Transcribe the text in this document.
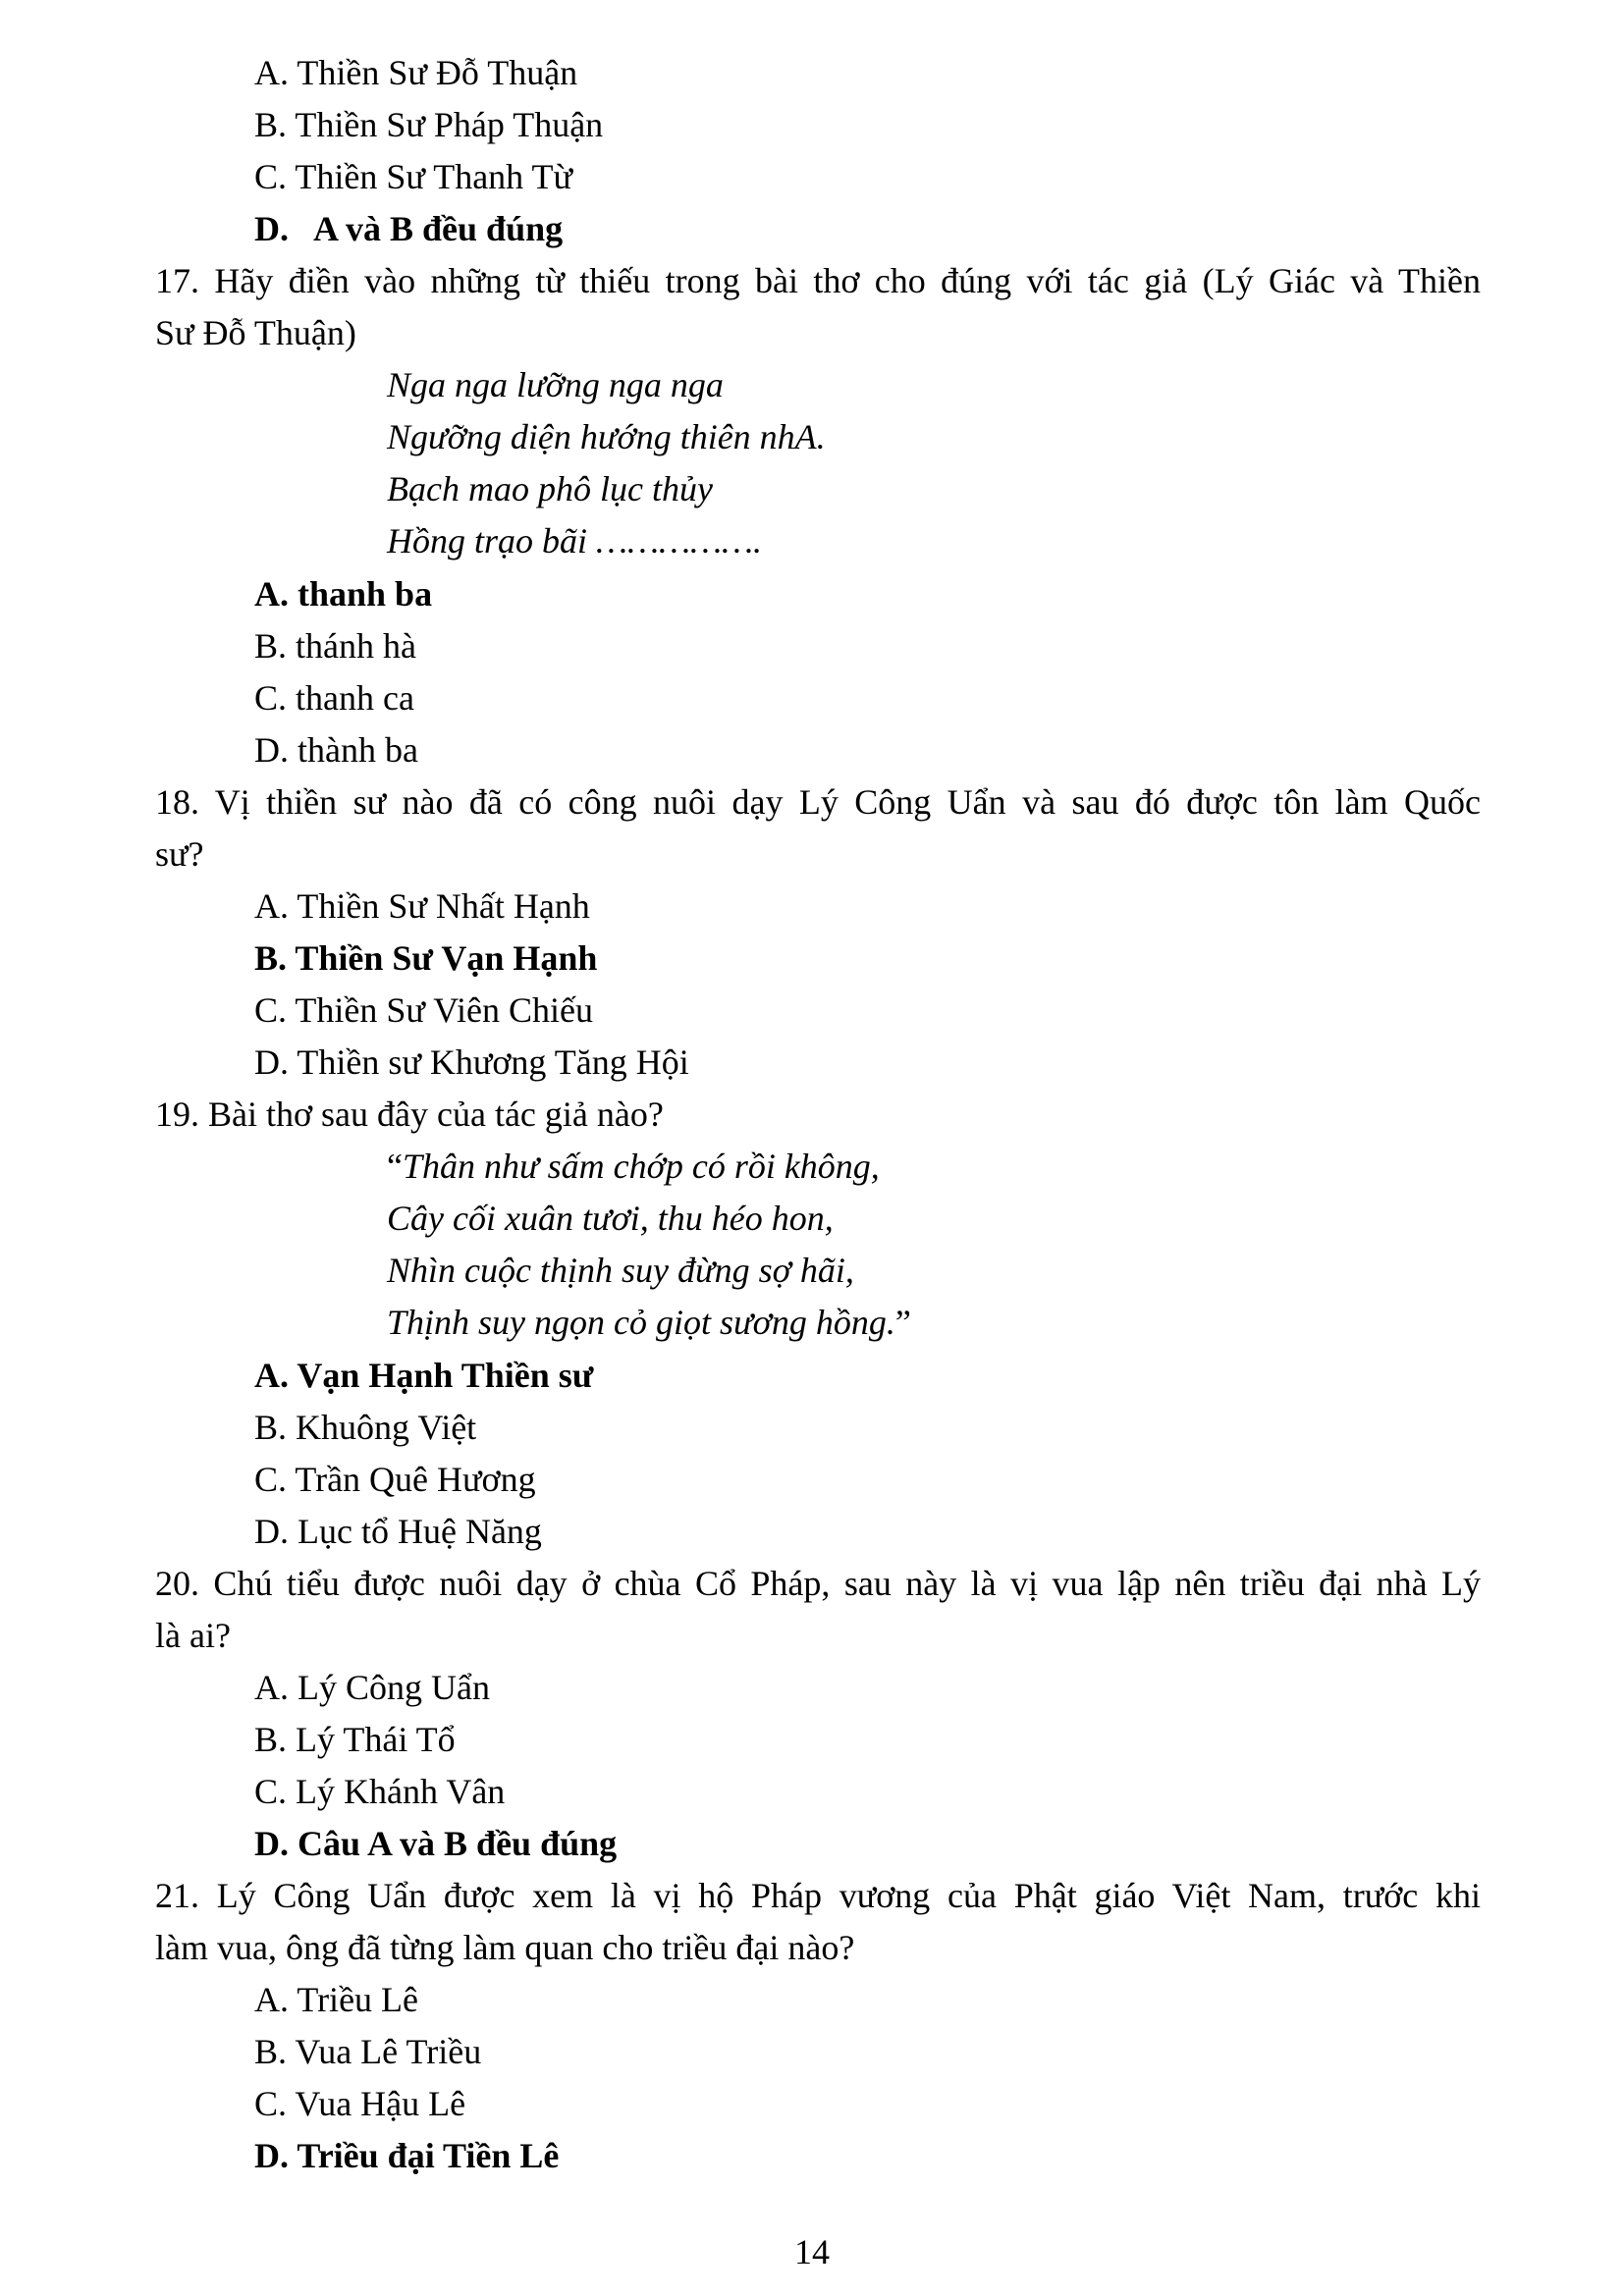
A. Thiền Sư Đỗ Thuận
B. Thiền Sư Pháp Thuận
C. Thiền Sư Thanh Từ
D.   A và B đều đúng
17. Hãy điền vào những từ thiếu trong bài thơ cho đúng với tác giả (Lý Giác và Thiền
Sư Đỗ Thuận)
Nga nga lưỡng nga nga
Ngưỡng diện hướng thiên nhA.
Bạch mao phô lục thủy
Hồng trạo bãi …………….
A. thanh ba
B. thánh hà
C. thanh ca
D. thành ba
18. Vị thiền sư nào đã có công nuôi dạy Lý Công Uẩn và sau đó được tôn làm Quốc
sư?
A. Thiền Sư Nhất Hạnh
B. Thiền Sư Vạn Hạnh
C. Thiền Sư Viên Chiếu
D. Thiền sư Khương Tăng Hội
19. Bài thơ sau đây của tác giả nào?
“Thân như sấm chớp có rồi không,
Cây cối xuân tươi, thu héo hon,
Nhìn cuộc thịnh suy đừng sợ hãi,
Thịnh suy ngọn cỏ giọt sương hồng.”
A. Vạn Hạnh Thiền sư
B. Khuông Việt
C. Trần Quê Hương
D. Lục tổ Huệ Năng
20. Chú tiểu được nuôi dạy ở chùa Cổ Pháp, sau này là vị vua lập nên triều đại nhà Lý
là ai?
A. Lý Công Uẩn
B. Lý Thái Tổ
C. Lý Khánh Vân
D. Câu A và B đều đúng
21. Lý Công Uẩn được xem là vị hộ Pháp vương của Phật giáo Việt Nam, trước khi
làm vua, ông đã từng làm quan cho triều đại nào?
A. Triều Lê
B. Vua Lê Triều
C. Vua Hậu Lê
D. Triều đại Tiền Lê
14
